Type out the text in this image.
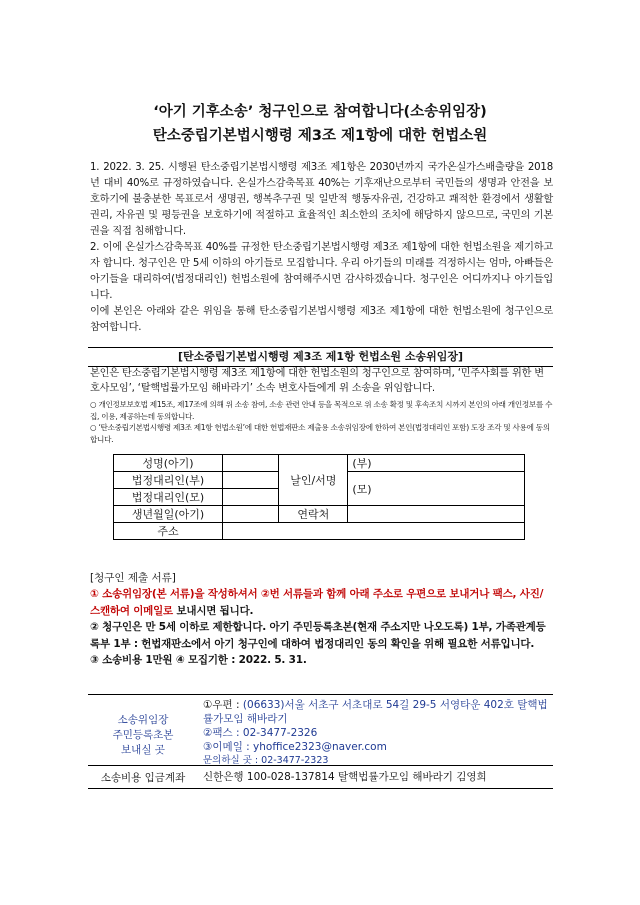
‘아기 기후소송’ 청구인으로 참여합니다(소송위임장)
탄소중립기본법시행령 제3조 제1항에 대한 헌법소원

1. 2022. 3. 25. 시행된 탄소중립기본법시행령 제3조 제1항은 2030년까지 국가온실가스배출량을 2018년 대비 40%로 규정하였습니다. 온실가스감축목표 40%는 기후재난으로부터 국민들의 생명과 안전을 보호하기에 불충분한 목표로서 생명권, 행복추구권 및 일반적 행동자유권, 건강하고 쾌적한 환경에서 생활할 권리, 자유권 및 평등권을 보호하기에 적절하고 효율적인 최소한의 조치에 해당하지 않으므로, 국민의 기본권을 직접 침해합니다.

2. 이에 온실가스감축목표 40%를 규정한 탄소중립기본법시행령 제3조 제1항에 대한 헌법소원을 제기하고자 합니다. 청구인은 만 5세 이하의 아기들로 모집합니다. 우리 아기들의 미래를 걱정하시는 엄마, 아빠들은 아기들을 대리하여(법정대리인) 헌법소원에 참여해주시면 감사하겠습니다. 청구인은 어디까지나 아기들입니다.

이에 본인은 아래와 같은 위임을 통해 탄소중립기본법시행령 제3조 제1항에 대한 헌법소원에 청구인으로 참여합니다.

[탄소중립기본법시행령 제3조 제1항 헌법소원 소송위임장]
본인은 탄소중립기본법시행령 제3조 제1항에 대한 헌법소원의 청구인으로 참여하며, ‘민주사회를 위한 변호사모임’, ‘탈핵법률가모임 해바라기’ 소속 변호사들에게 위 소송을 위임합니다.

○ 개인정보보호법 제15조, 제17조에 의해 위 소송 참여, 소송 관련 안내 등을 목적으로 위 소송 확정 및 후속조치 시까지 본인의 아래 개인정보를 수집, 이용, 제공하는데 동의합니다.

○ ‘탄소중립기본법시행령 제3조 제1항 헌법소원’에 대한 헌법재판소 제출용 소송위임장에 한하여 본인(법정대리인 포함) 도장 조각 및 사용에 동의합니다.

성명(아기)		날인/서명	(부)
법정대리인(부)			(모)
법정대리인(모)			
생년월일(아기)		연락처	
주소			
[청구인 제출 서류]

① 소송위임장(본 서류)을 작성하셔서 ②번 서류들과 함께 아래 주소로 우편으로 보내거나 팩스, 사진/스캔하여 이메일로 보내시면 됩니다.

② 청구인은 만 5세 이하로 제한합니다. 아기 주민등록초본(현재 주소지만 나오도록) 1부, 가족관계등록부 1부 : 헌법재판소에서 아기 청구인에 대하여 법정대리인 동의 확인을 위해 필요한 서류입니다.

③ 소송비용 1만원 ④ 모집기한 : 2022. 5. 31.

소송위임장
주민등록초본
보내실 곳
①우편 : (06633)서울 서초구 서초대로 54길 29-5 서영타운 402호 탈핵법률가모임 해바라기
②팩스 : 02-3477-2326
③이메일 : yhoffice2323@naver.com
문의하실 곳 : 02-3477-2323
소송비용 입금계좌	신한은행 100-028-137814 탈핵법률가모임 해바라기 김영희
